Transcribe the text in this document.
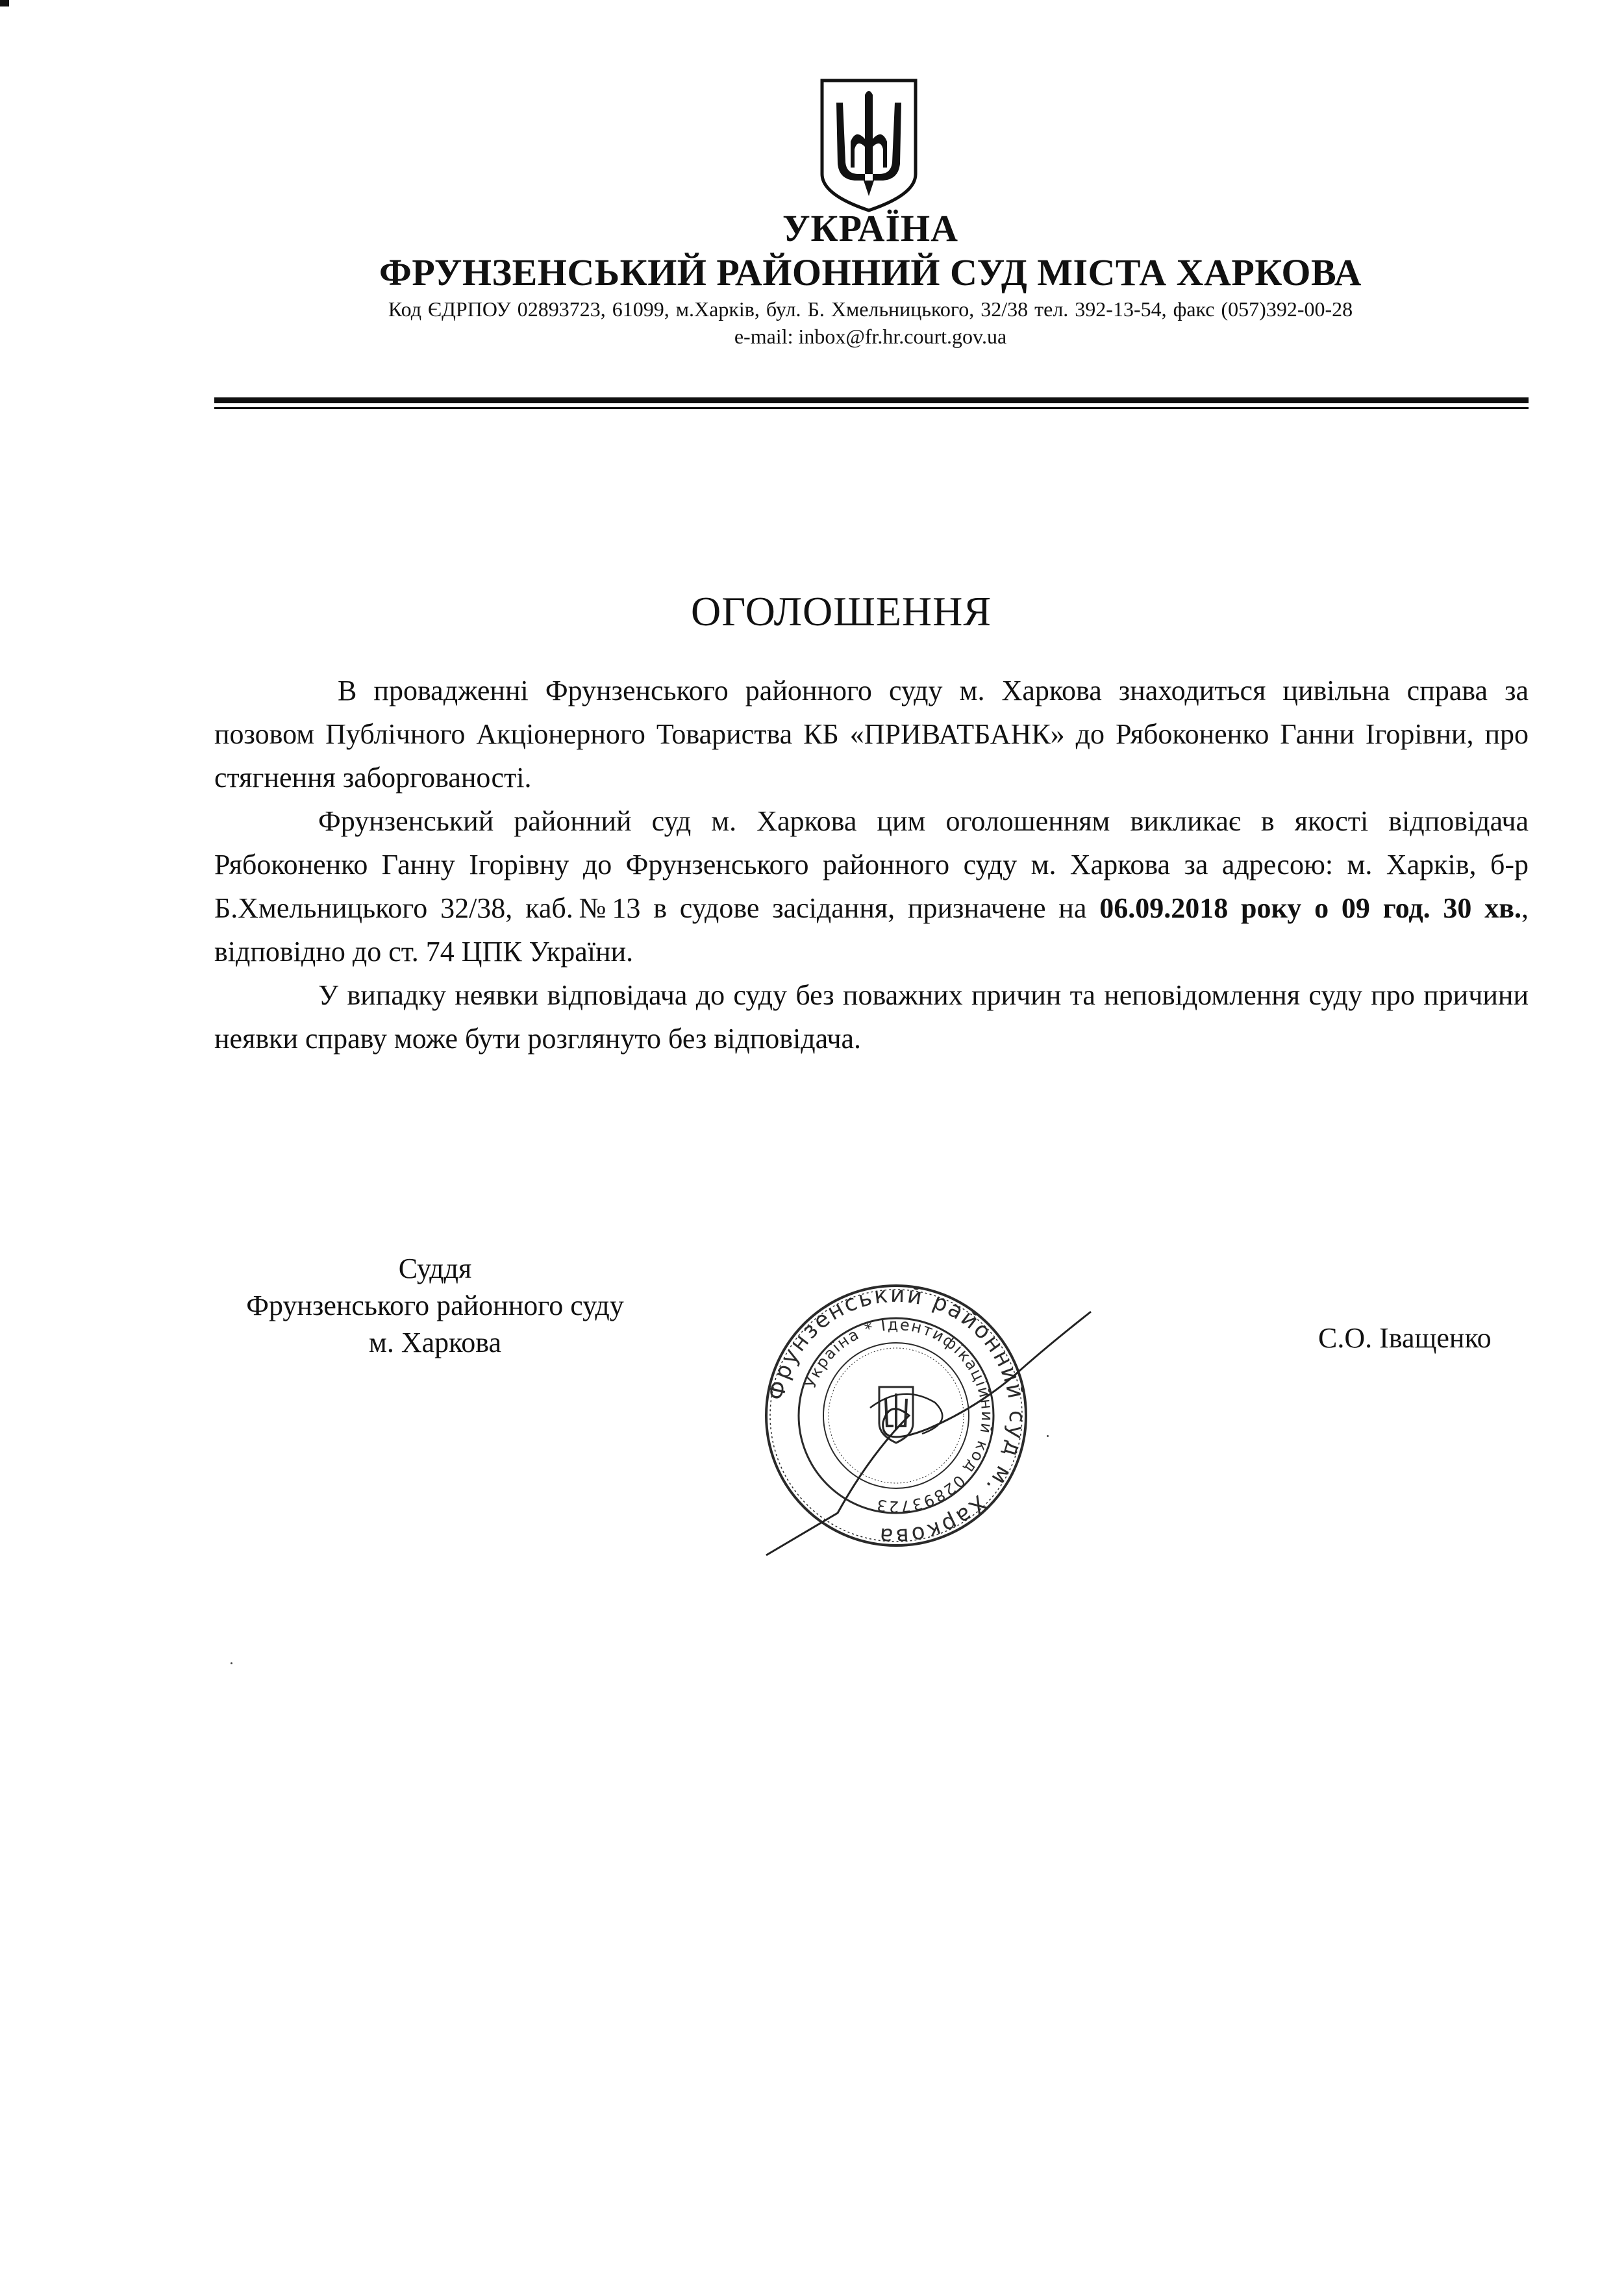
УКРАЇНА
ФРУНЗЕНСЬКИЙ РАЙОННИЙ СУД МІСТА ХАРКОВА
Код ЄДРПОУ 02893723, 61099, м.Харків, бул. Б. Хмельницького, 32/38 тел. 392-13-54, факс (057)392-00-28
e-mail: inbox@fr.hr.court.gov.ua
ОГОЛОШЕННЯ

В провадженні Фрунзенського районного суду м. Харкова знаходиться цивільна справа за позовом Публічного Акціонерного Товариства КБ «ПРИВАТБАНК» до Рябоконенко Ганни Ігорівни, про стягнення заборгованості.

Фрунзенський районний суд м. Харкова цим оголошенням викликає в якості відповідача Рябоконенко Ганну Ігорівну до Фрунзенського районного суду м. Харкова за адресою: м. Харків, б-р Б.Хмельницького 32/38, каб.№13 в судове засідання, призначене на 06.09.2018 року о 09 год. 30 хв., відповідно до ст. 74 ЦПК України.

У випадку неявки відповідача до суду без поважних причин та неповідомлення суду про причини неявки справу може бути розглянуто без відповідача.

Суддя
Фрунзенського районного суду
м. Харкова
Фрунзенський районний суд м. Харкова
Україна * Ідентифікаційний код 02893723
С.О. Іващенко
